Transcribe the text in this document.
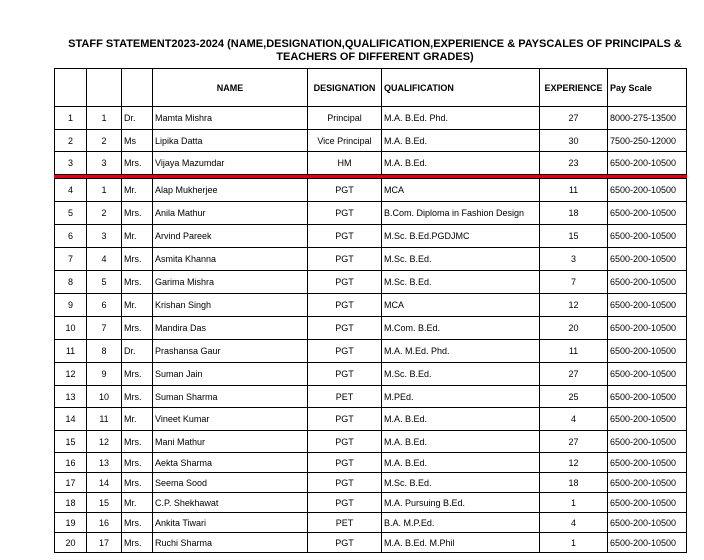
STAFF STATEMENT2023-2024 (NAME,DESIGNATION,QUALIFICATION,EXPERIENCE & PAYSCALES OF PRINCIPALS &
TEACHERS OF DIFFERENT GRADES)
			NAME	DESIGNATION	QUALIFICATION	EXPERIENCE	Pay Scale
1	1	Dr.	Mamta Mishra	Principal	M.A. B.Ed. Phd.	27	8000-275-13500
2	2	Ms	Lipika Datta	Vice Principal	M.A. B.Ed.	30	7500-250-12000
3	3	Mrs.	Vijaya Mazumdar	HM	M.A. B.Ed.	23	6500-200-10500

4	1	Mr.	Alap Mukherjee	PGT	MCA	11	6500-200-10500
5	2	Mrs.	Anila Mathur	PGT	B.Com. Diploma in Fashion Design	18	6500-200-10500
6	3	Mr.	Arvind Pareek	PGT	M.Sc. B.Ed.PGDJMC	15	6500-200-10500
7	4	Mrs.	Asmita Khanna	PGT	M.Sc. B.Ed.	3	6500-200-10500
8	5	Mrs.	Garima Mishra	PGT	M.Sc. B.Ed.	7	6500-200-10500
9	6	Mr.	Krishan Singh	PGT	MCA	12	6500-200-10500
10	7	Mrs.	Mandira Das	PGT	M.Com. B.Ed.	20	6500-200-10500
11	8	Dr.	Prashansa Gaur	PGT	M.A. M.Ed. Phd.	11	6500-200-10500
12	9	Mrs.	Suman Jain	PGT	M.Sc. B.Ed.	27	6500-200-10500
13	10	Mrs.	Suman Sharma	PET	M.PEd.	25	6500-200-10500
14	11	Mr.	Vineet Kumar	PGT	M.A. B.Ed.	4	6500-200-10500
15	12	Mrs.	Mani Mathur	PGT	M.A. B.Ed.	27	6500-200-10500
16	13	Mrs.	Aekta Sharma	PGT	M.A. B.Ed.	12	6500-200-10500
17	14	Mrs.	Seema Sood	PGT	M.Sc. B.Ed.	18	6500-200-10500
18	15	Mr.	C.P. Shekhawat	PGT	M.A. Pursuing B.Ed.	1	6500-200-10500
19	16	Mrs.	Ankita Tiwari	PET	B.A. M.P.Ed.	4	6500-200-10500
20	17	Mrs.	Ruchi Sharma	PGT	M.A. B.Ed. M.Phil	1	6500-200-10500
